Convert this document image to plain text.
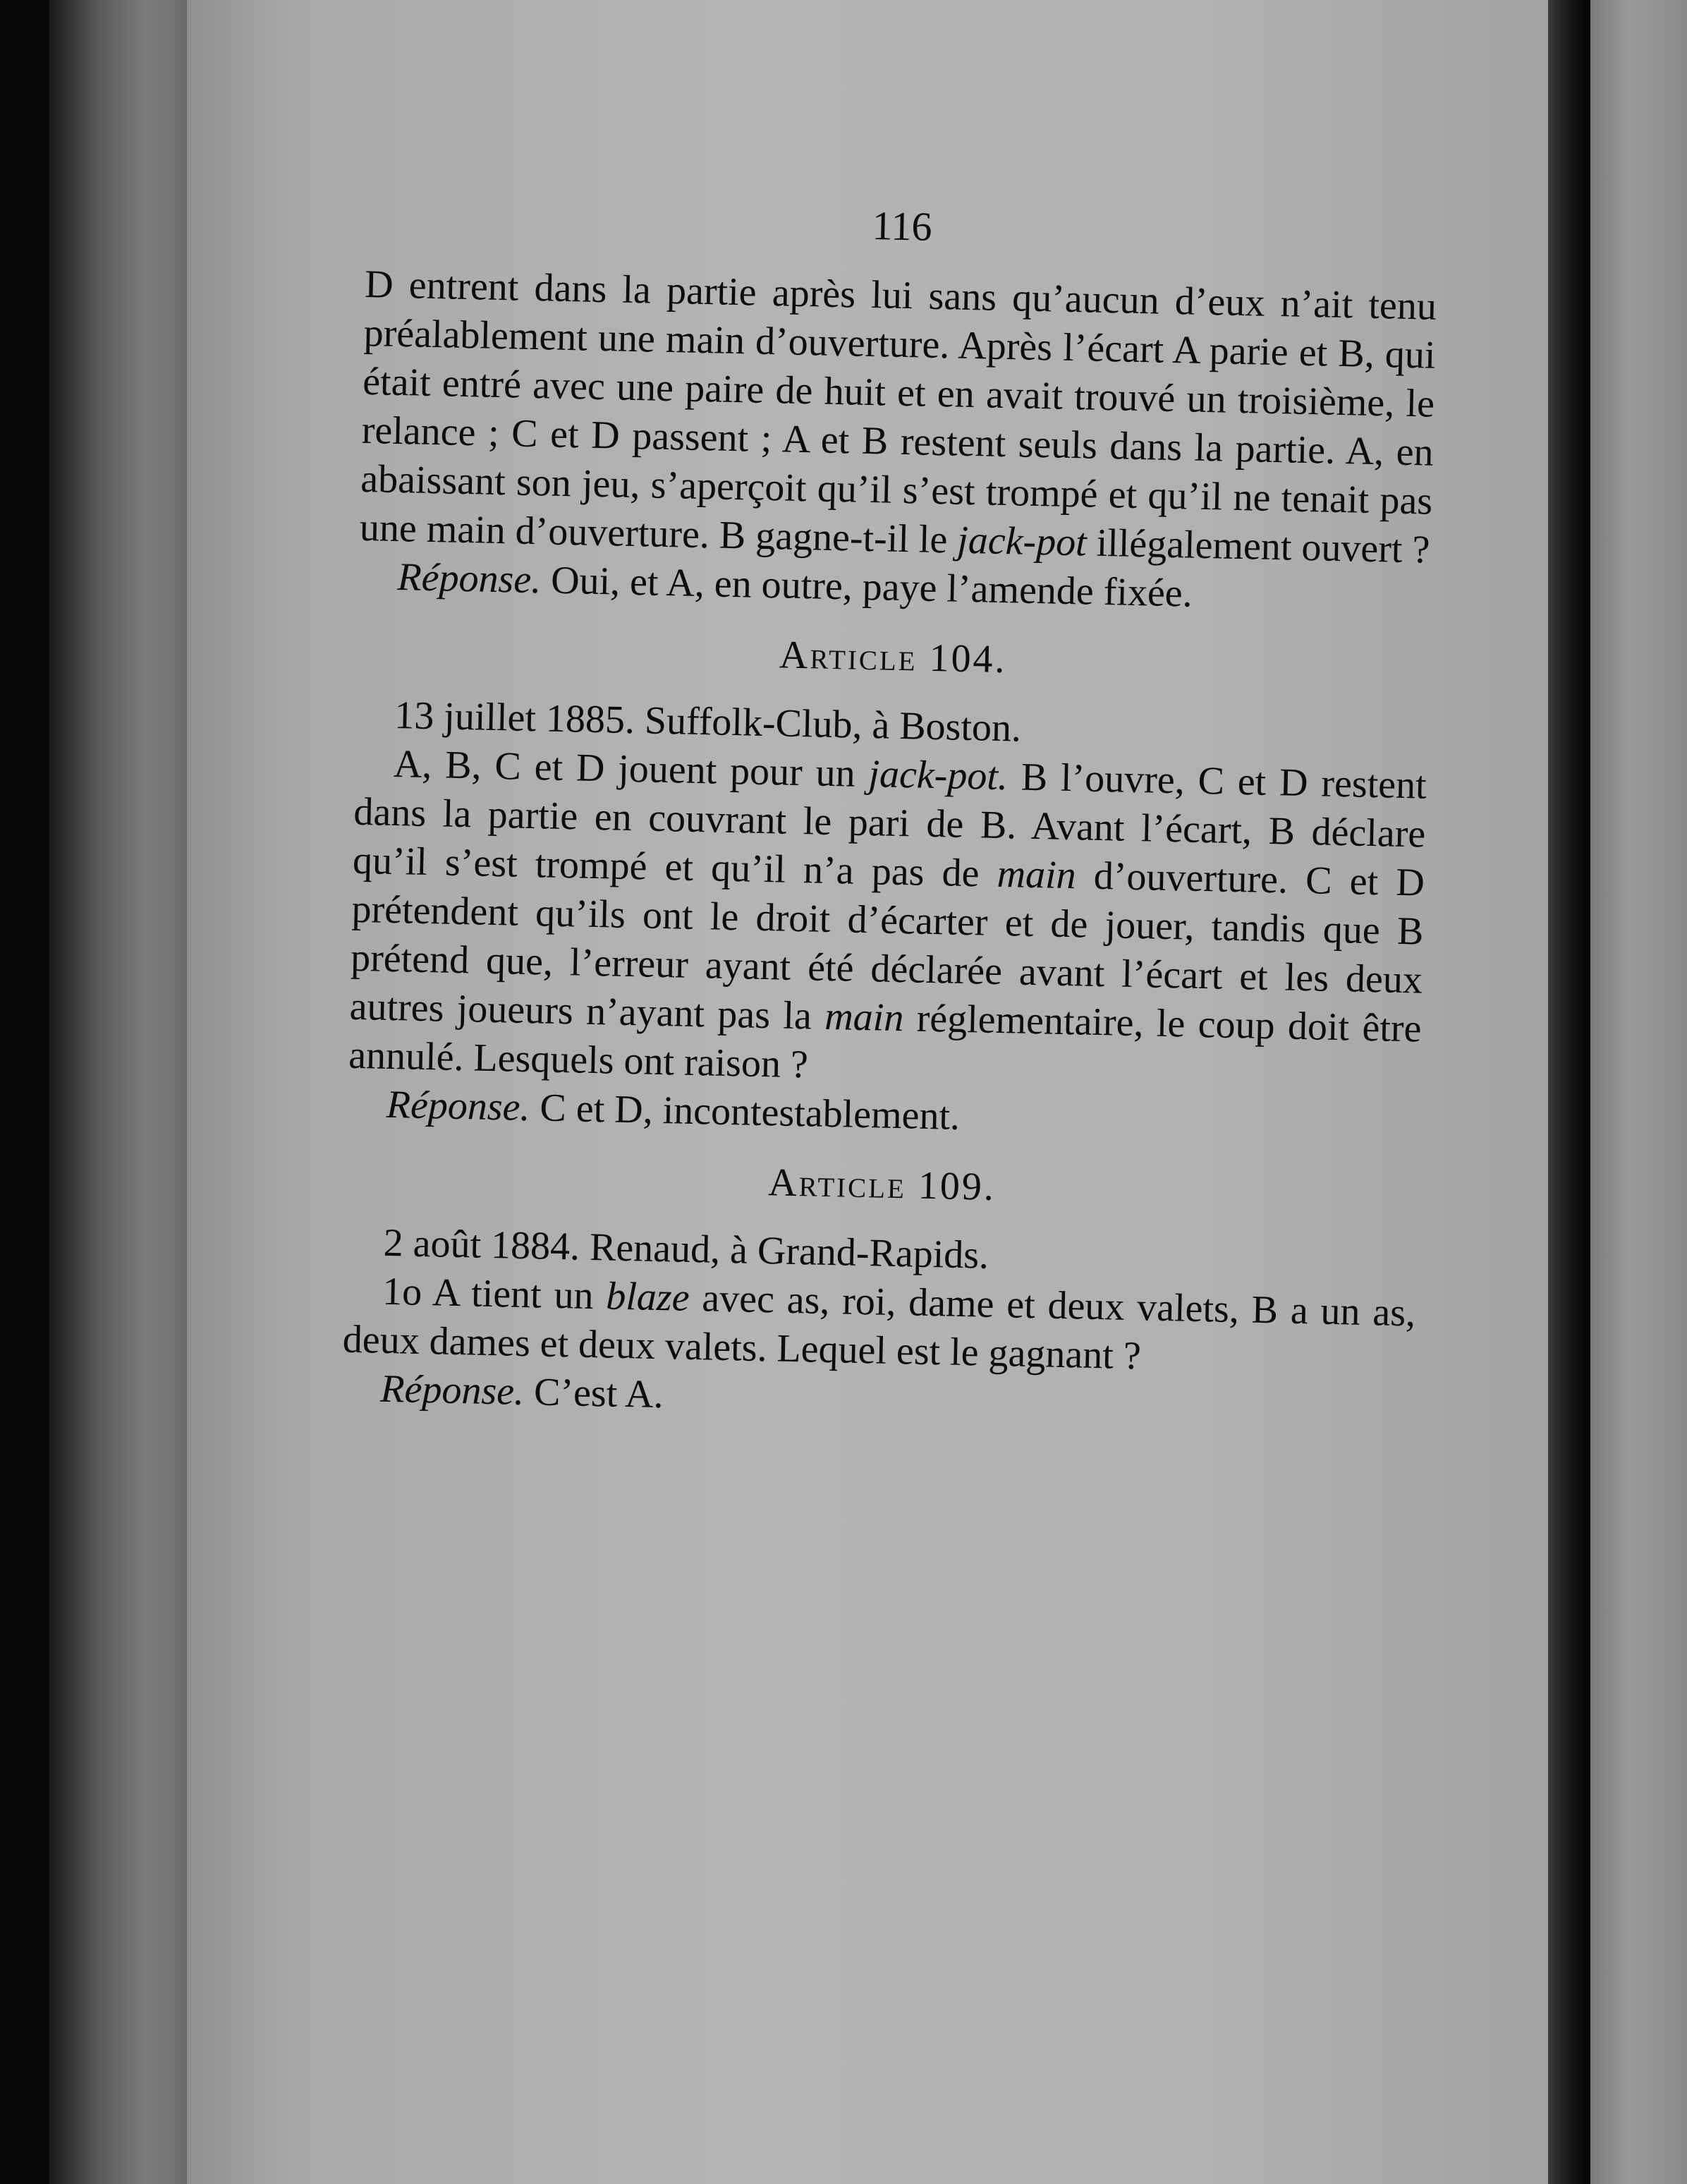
116

D entrent dans la partie après lui sans qu’aucun d’eux n’ait tenu préalablement une main d’ouverture. Après l’écart A parie et B, qui était entré avec une paire de huit et en avait trouvé un troisième, le relance ; C et D passent ; A et B restent seuls dans la partie. A, en abaissant son jeu, s’aperçoit qu’il s’est trompé et qu’il ne tenait pas une main d’ouverture. B gagne-t-il le jack-pot illégalement ouvert ?

Réponse. Oui, et A, en outre, paye l’amende fixée.

Article 104.

13 juillet 1885. Suffolk-Club, à Boston.

A, B, C et D jouent pour un jack-pot. B l’ouvre, C et D restent dans la partie en couvrant le pari de B. Avant l’écart, B déclare qu’il s’est trompé et qu’il n’a pas de main d’ouverture. C et D prétendent qu’ils ont le droit d’écarter et de jouer, tandis que B prétend que, l’erreur ayant été déclarée avant l’écart et les deux autres joueurs n’ayant pas la main réglementaire, le coup doit être annulé. Lesquels ont raison ?

Réponse. C et D, incontestablement.

Article 109.

2 août 1884. Renaud, à Grand-Rapids.

1o A tient un blaze avec as, roi, dame et deux valets, B a un as, deux dames et deux valets. Lequel est le gagnant ?

Réponse. C’est A.
